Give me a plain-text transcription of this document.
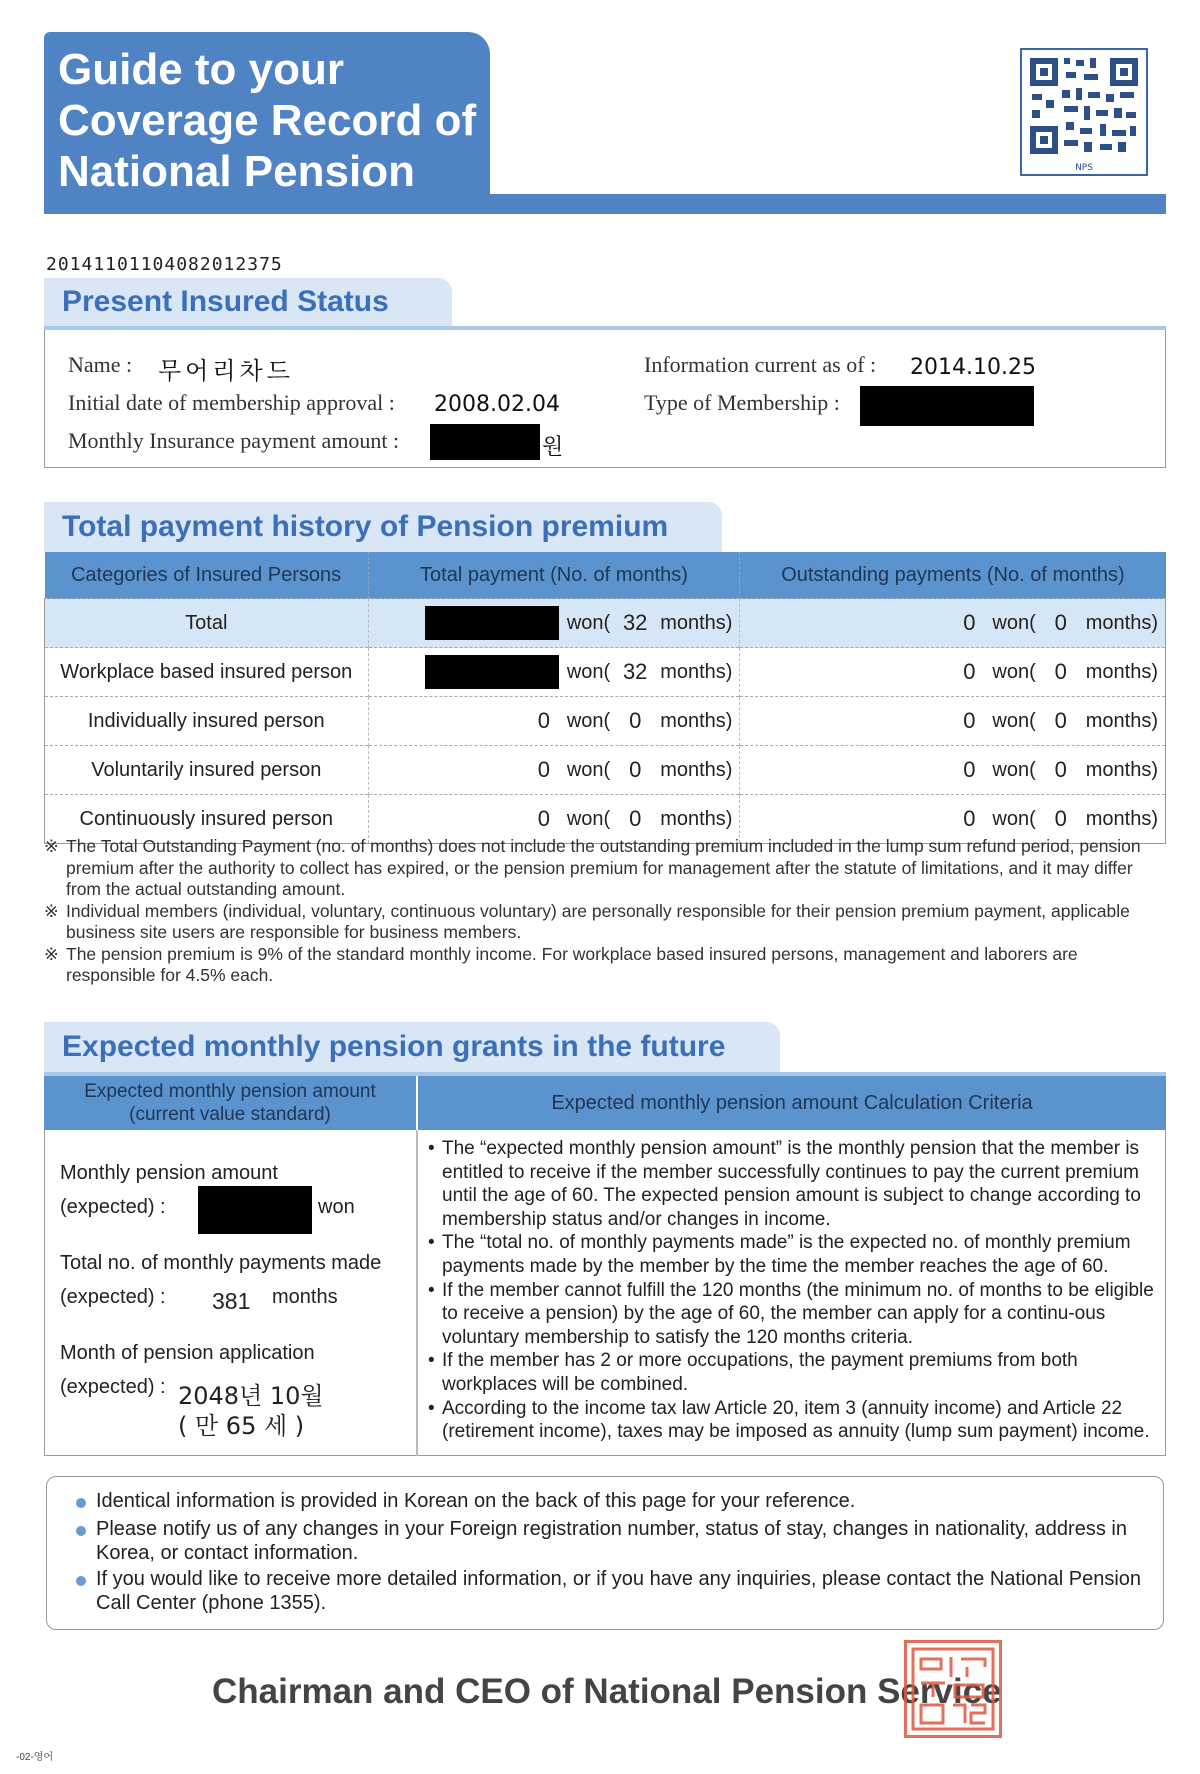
Guide to your
Coverage Record of
National Pension	NPS
20141101104082012375
Present Insured Status
Name : 무어리차드
Initial date of membership approval : 2008.02.04
Monthly Insurance payment amount :	원
Information current as of : 2014.10.25
Type of Membership :
Total payment history of Pension premium
Categories of Insured Persons	Total payment (No. of months)	Outstanding payments (No. of months)
Total	won( 32 months)	0 won( 0 months)

Workplace based insured person	won( 32 months)	0 won( 0 months)

Individually insured person	0 won( 0 months)	0 won( 0 months)

Voluntarily insured person	0 won( 0 months)	0 won( 0 months)

Continuously insured person	0 won( 0 months)	0 won( 0 months)
※ The Total Outstanding Payment (no. of months) does not include the outstanding premium included in the lump sum refund period, pension premium after the authority to collect has expired, or the pension premium for management after the statute of limitations, and it may differ from the actual outstanding amount.
※ Individual members (individual, voluntary, continuous voluntary) are personally responsible for their pension premium payment, applicable business site users are responsible for business members.
※ The pension premium is 9% of the standard monthly income. For workplace based insured persons, management and laborers are responsible for 4.5% each.
Expected monthly pension grants in the future
Expected monthly pension amount
(current value standard)
Expected monthly pension amount Calculation Criteria
Monthly pension amount
(expected) :	won
Total no. of monthly payments made
(expected) : 381 months
Month of pension application
(expected) : 2048년 10월
( 만 65 세 )
• The “expected monthly pension amount” is the monthly pension that the member is entitled to receive if the member successfully continues to pay the current premium until the age of 60. The expected pension amount is subject to change according to membership status and/or changes in income.
• The “total no. of monthly payments made” is the expected no. of monthly premium payments made by the member by the time the member reaches the age of 60.
• If the member cannot fulfill the 120 months (the minimum no. of months to be eligible to receive a pension) by the age of 60, the member can apply for a continu-ous voluntary membership to satisfy the 120 months criteria.
• If the member has 2 or more occupations, the payment premiums from both workplaces will be combined.
• According to the income tax law Article 20, item 3 (annuity income) and Article 22 (retirement income), taxes may be imposed as annuity (lump sum payment) income.
Identical information is provided in Korean on the back of this page for your reference.
Please notify us of any changes in your Foreign registration number, status of stay, changes in nationality, address in Korea, or contact information.
If you would like to receive more detailed information, or if you have any inquiries, please contact the National Pension Call Center (phone 1355).
Chairman and CEO of National Pension Service
-02-영어
